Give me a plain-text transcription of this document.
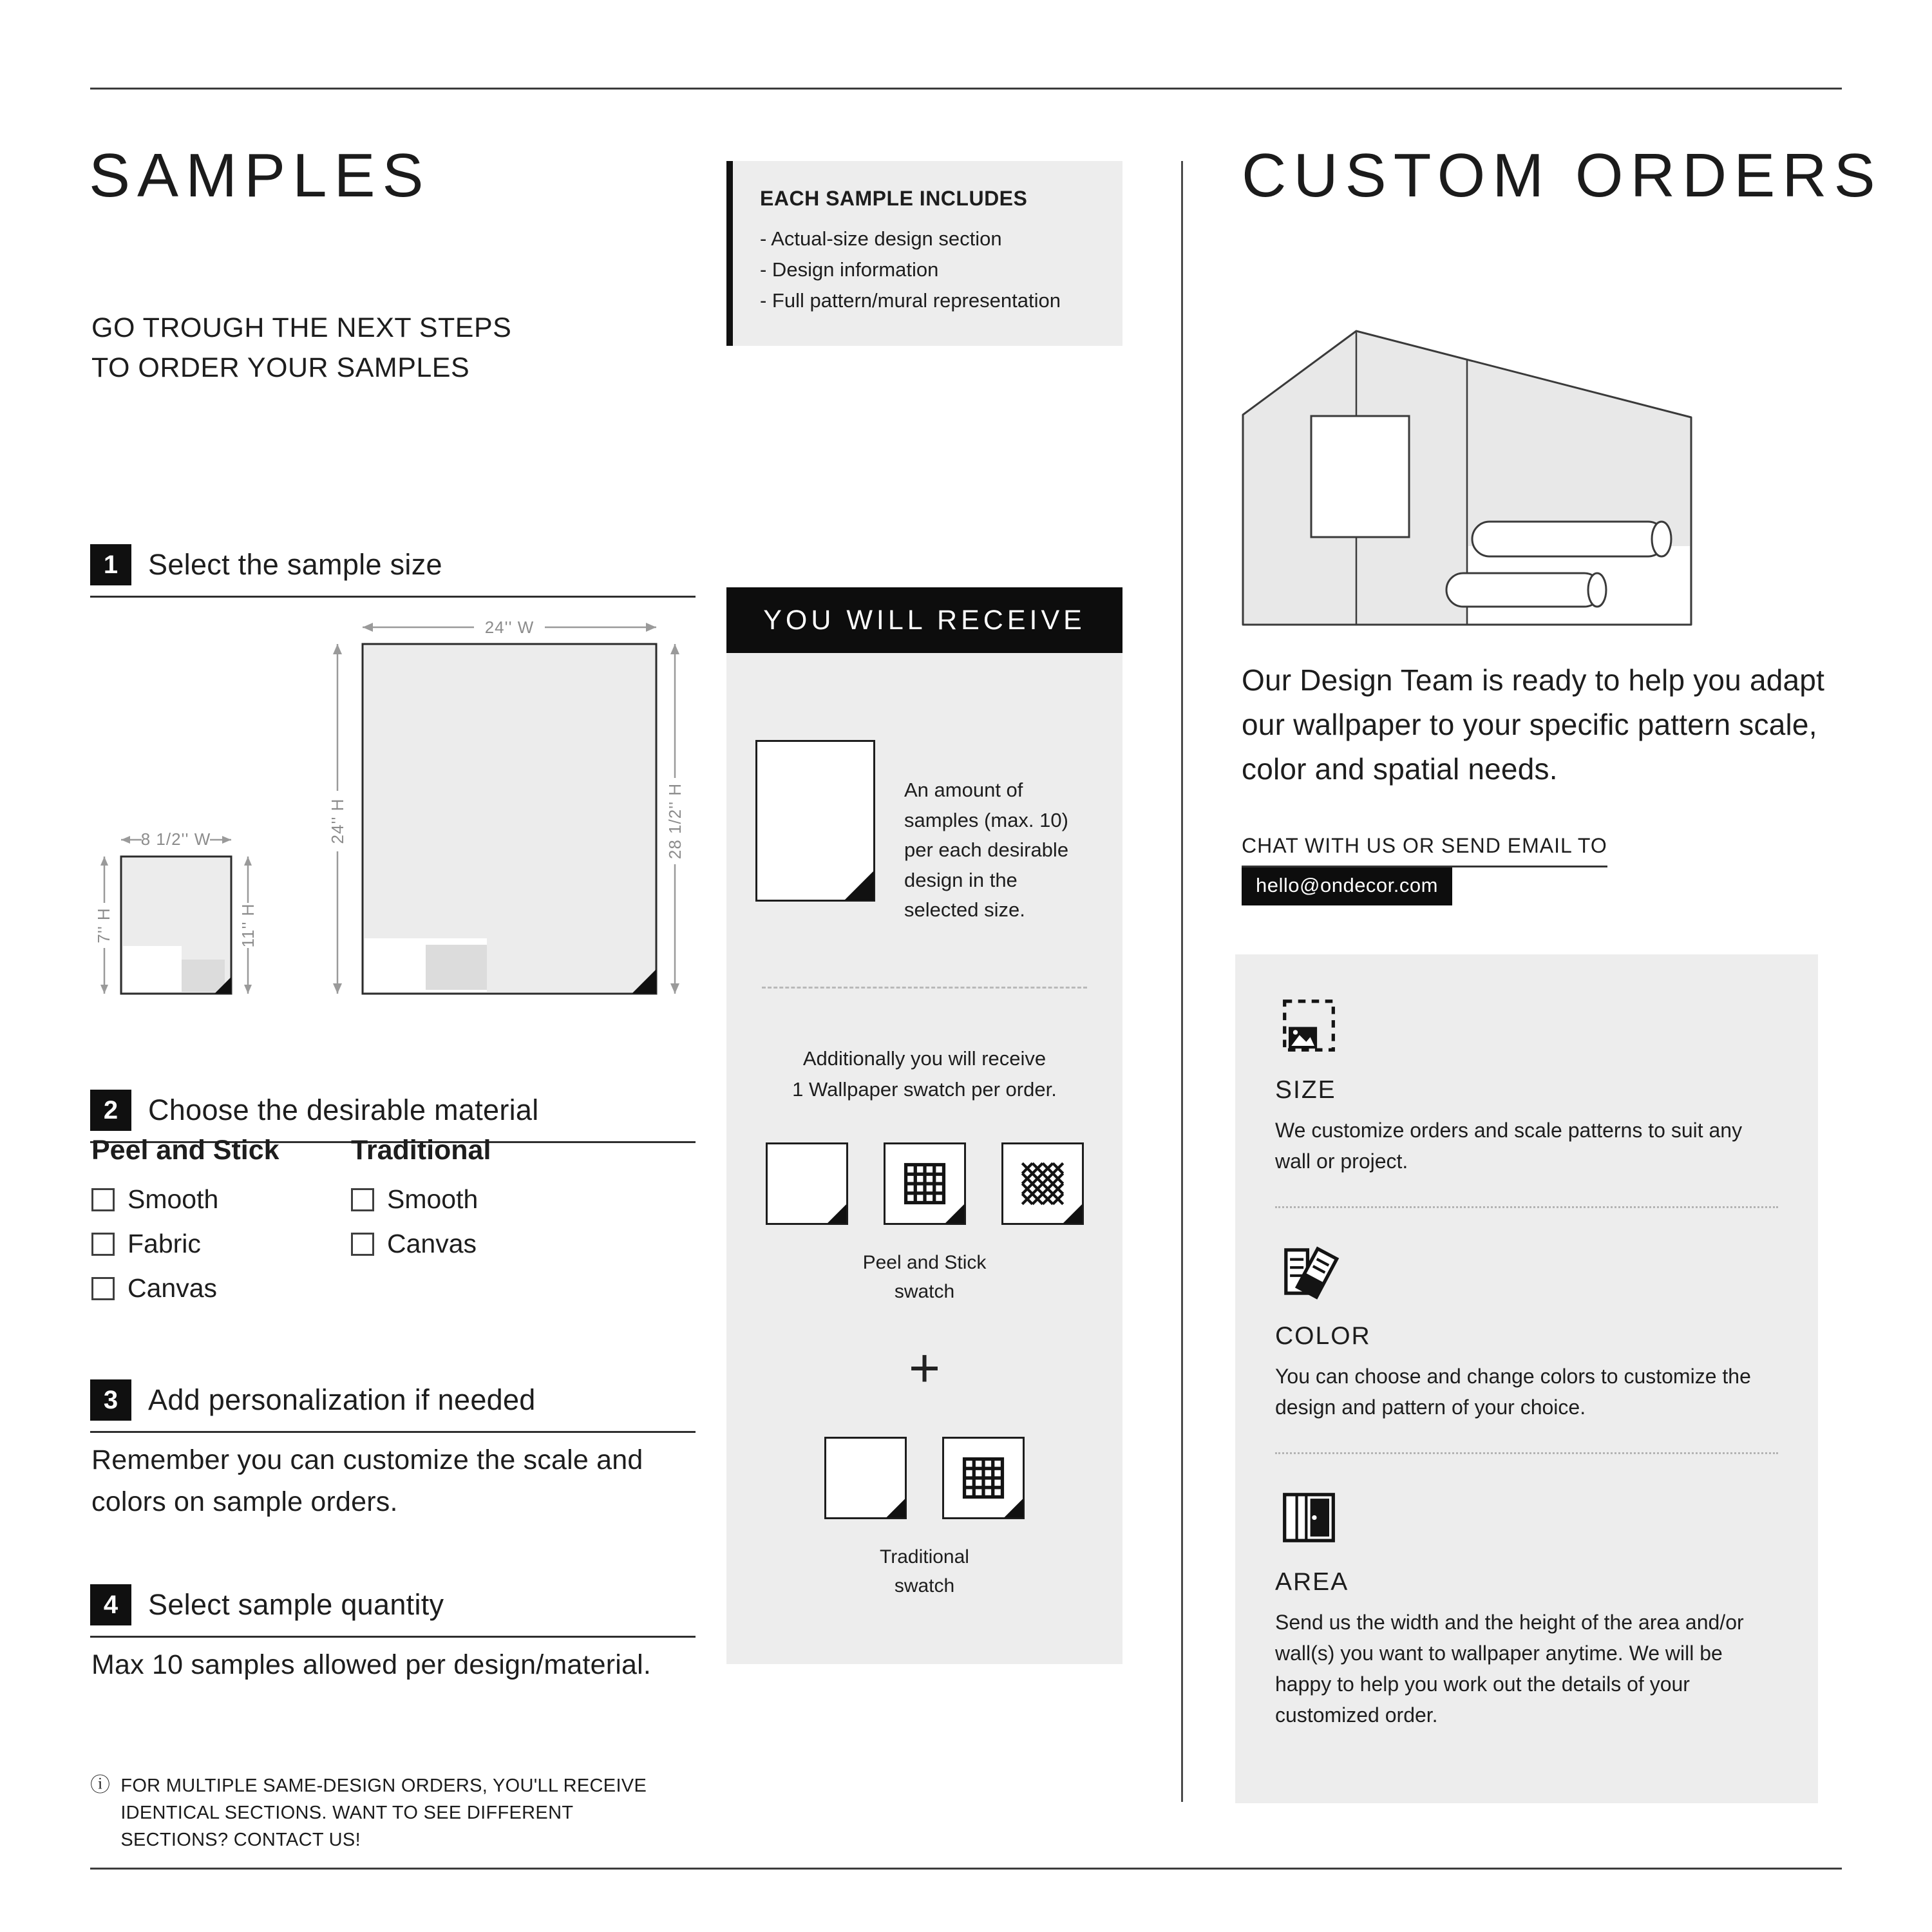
SAMPLES
GO TROUGH THE NEXT STEPS
TO ORDER YOUR SAMPLES
EACH SAMPLE INCLUDES
- Actual-size design section
- Design information
- Full pattern/mural representation
CUSTOM ORDERS
1	Select the sample size
24'' W
24'' H	28 1/2'' H
8 1/2'' W
7'' H	11'' H
2	Choose the desirable material
Peel and Stick
Smooth
Fabric
Canvas
Traditional
Smooth
Canvas
3	Add personalization if needed
Remember you can customize the scale and colors on sample orders.
4	Select sample quantity
Max 10 samples allowed per design/material.
ⓘ FOR MULTIPLE SAME-DESIGN ORDERS, YOU'LL RECEIVE IDENTICAL SECTIONS. WANT TO SEE DIFFERENT SECTIONS? CONTACT US!
YOU WILL RECEIVE
An amount of samples (max. 10) per each desirable design in the selected size.
Additionally you will receive
1 Wallpaper swatch per order.
Peel and Stick
swatch
+
Traditional
swatch
Our Design Team is ready to help you adapt our wallpaper to your specific pattern scale, color and spatial needs.
CHAT WITH US OR SEND EMAIL TO
hello@ondecor.com
SIZE
We customize orders and scale patterns to suit any wall or project.
COLOR
You can choose and change colors to customize the design and pattern of your choice.
AREA
Send us the width and the height of the area and/or wall(s) you want to wallpaper anytime. We will be happy to help you work out the details of your customized order.
